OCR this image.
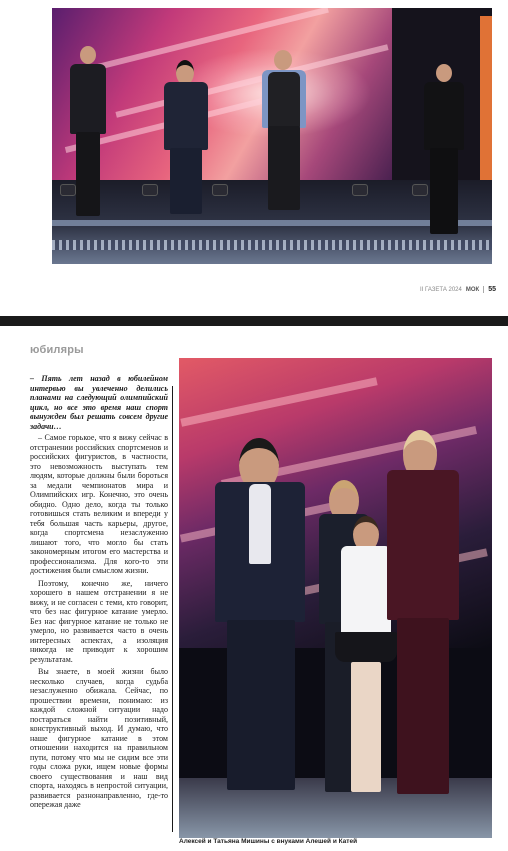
II ГАЗЕТА 2024 МОК	55
юбиляры

– Пять лет назад в юбилейном интервью вы увлеченно делились планами на следующий олимпийский цикл, но все это время наш спорт вынужден был решать совсем другие задачи…

– Самое горькое, что я вижу сейчас в отстранении российских спортсменов и российских фигуристов, в частности, это невозможность выступать тем людям, которые должны были бороться за медали чемпионатов мира и Олимпийских игр. Конечно, это очень обидно. Одно дело, когда ты только готовишься стать великим и впереди у тебя большая часть карьеры, другое, когда спортсмена незаслуженно лишают того, что могло бы стать закономерным итогом его мастерства и профессионализма. Для кого-то эти достижения были смыслом жизни.

Поэтому, конечно же, ничего хорошего в нашем отстранении я не вижу, и не согласен с теми, кто говорит, что без нас фигурное катание умерло. Без нас фигурное катание не только не умерло, но развивается часто в очень интересных аспектах, а изоляция никогда не приводит к хорошим результатам.

Вы знаете, в моей жизни было несколько случаев, когда судьба незаслуженно обижала. Сейчас, по прошествии времени, понимаю: из каждой сложной ситуации надо постараться найти позитивный, конструктивный выход. И думаю, что наше фигурное катание в этом отношении находится на правильном пути, потому что мы не сидим все эти годы сложа руки, ищем новые формы своего существования и наш вид спорта, находясь в непростой ситуации, развивается разнонаправленно, где-то опережая даже

Алексей и Татьяна Мишины с внуками Алешей и Катей
